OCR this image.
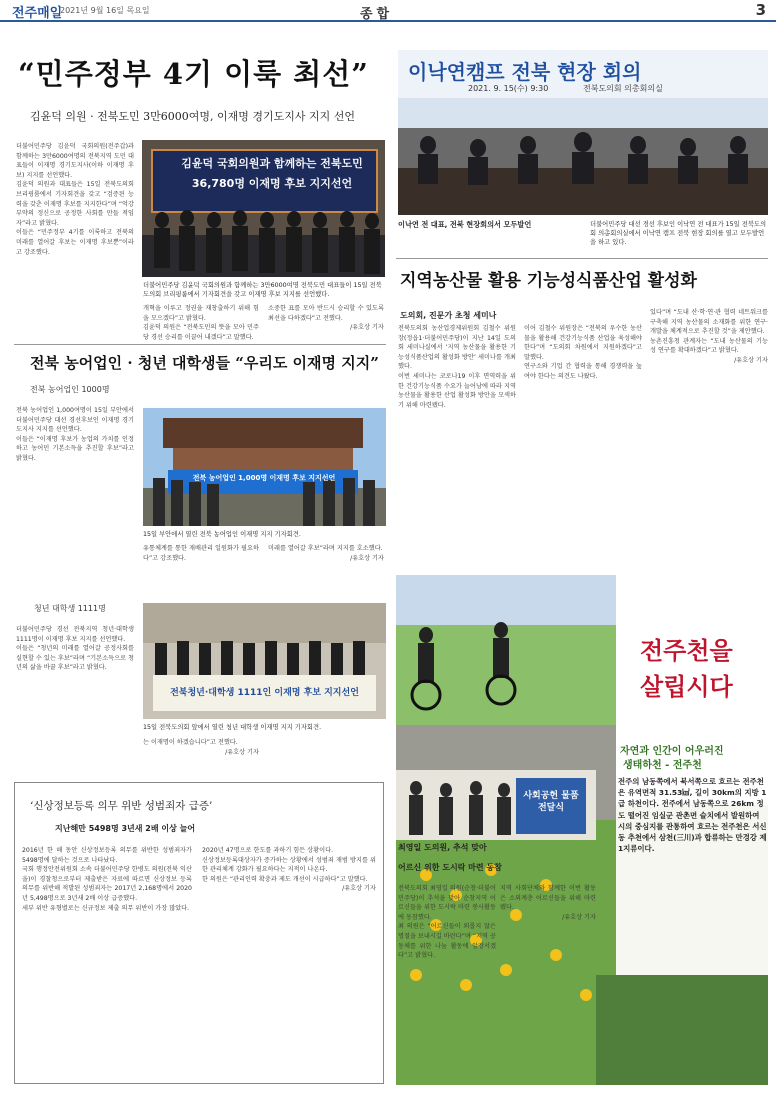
전주매일
2021년 9월 16일 목요일	종합	3
“민주정부 4기 이룩 최선”
김윤덕 의원 · 전북도민 3만6000여명, 이재명 경기도지사 지지 선언
더불어민주당 김윤덕 국회의원(전주갑)과 함께하는 3만6000여명의 전북지역 도민 대표들이 이재명 경기도지사(이하 이재명 후보) 지지를 선언했다.
김윤덕 의원과 대표들은 15일 전북도의회 브리핑룸에서 기자회견을 갖고 “검증된 능력을 갖춘 이재명 후보를 지지한다”며 “억강부약의 정신으로 공정한 사회를 만들 적임자”라고 밝혔다.
이들은 “민주정부 4기를 이룩하고 전북의 미래를 열어갈 후보는 이재명 후보뿐”이라고 강조했다.
김윤덕 국회의원과 함께하는 전북도민 36,780명 이재명 후보 지지선언
더불어민주당 김윤덕 국회의원과 함께하는 3만6000여명 전북도민 대표들이 15일 전북도의회 브리핑룸에서 기자회견을 갖고 이재명 후보 지지를 선언했다.
개혁을 이루고 정권을 재창출하기 위해 힘을 모으겠다”고 밝혔다.
김윤덕 의원은 “전북도민의 뜻을 모아 민주당 경선 승리를 이끌어 내겠다”고 말했다.
소중한 표를 모아 반드시 승리할 수 있도록 최선을 다하겠다”고 전했다.

/유호상 기자
전북 농어업인 · 청년 대학생들 “우리도 이재명 지지”
전북 농어업인 1000명
전북 농어업인 1,000여명이 15일 부안에서 더불어민주당 대선 경선후보인 이재명 경기도지사 지지를 선언했다.
이들은 “이재명 후보가 농업의 가치를 인정하고 농어민 기본소득을 추진할 후보”라고 밝혔다.
전북 농어업인 1,000명 이재명 후보 지지선언
15일 부안에서 열린 전북 농어업인 이재명 지지 기자회견.
유통체계를 통한 재배관리 일원화가 필요하다”고 강조했다.
미래를 열어갈 후보”라며 지지를 호소했다.

/유호상 기자
청년 대학생 1111명
더불어민주당 경선 전북지역 청년·대학생 1111명이 이재명 후보 지지를 선언했다.
이들은 “청년의 미래를 열어갈 공정사회를 실현할 수 있는 후보”라며 “기본소득으로 청년의 삶을 바꿀 후보”라고 밝혔다.
전북청년·대학생 1111인 이재명 후보 지지선언
15일 전북도의회 앞에서 열린 청년 대학생 이재명 지지 기자회견.
는 이재명이 하겠습니다”고 전했다.

/유호상 기자
이낙연캠프 전북 현장 회의
2021. 9. 15(수) 9:30	전북도의회 의총회의실
이낙연 전 대표, 전북 현장회의서 모두발언	더불어민주당 대선 경선 후보인 이낙연 전 대표가 15일 전북도의회 의총회의실에서 이낙연 캠프 전북 현장 회의를 열고 모두발언을 하고 있다.
지역농산물 활용 기능성식품산업 활성화
도의회, 진문가 초청 세미나
전북도의회 농산업경제위원회 김철수 위원장(정읍1·더불어민주당)이 지난 14일 도의회 세미나실에서 ‘지역 농산물을 활용한 기능성식품산업의 활성화 방안’ 세미나를 개최했다.
이번 세미나는 코로나19 이후 면역력을 위한 건강기능식품 수요가 늘어남에 따라 지역 농산물을 활용한 산업 활성화 방안을 모색하기 위해 마련됐다.
이어 김철수 위원장은 “전북의 우수한 농산물을 활용해 건강기능식품 산업을 육성해야 한다”며 “도의회 차원에서 지원하겠다”고 말했다.
연구소와 기업 간 협력을 통해 경쟁력을 높여야 한다는 의견도 나왔다.
있다”며 “도내 산·학·연·관 협력 네트워크를 구축해 지역 농산물의 소재화를 위한 연구·개발을 체계적으로 추진할 것”을 제안했다.
농촌진흥청 관계자는 “도내 농산물의 기능성 연구를 확대하겠다”고 밝혔다.

/유호상 기자
전주천을
살립시다
자연과 인간이 어우러진
생태하천 - 전주천
전주의 남동쪽에서 북서쪽으로 흐르는 전주천은 유역면적 31.53㎢, 길이 30km의 지방 1급 하천이다. 전주에서 남동쪽으로 26km 정도 떨어진 임실군 관촌면 슬치에서 발원하여 시의 중심지를 관통하여 흐르는 전주천은 서신동 추천에서 삼천(三川)과 합류하는 만경강 제1지류이다.
‘신상정보등록 의무 위반 성범죄자 급증’
지난해만 5498명 3년새 2배 이상 늘어
2016년 한 해 동안 신상정보등록 의무를 위반한 성범죄자가 5498명에 달하는 것으로 나타났다.
국회 행정안전위원회 소속 더불어민주당 한병도 의원(전북 익산을)이 경찰청으로부터 제출받은 자료에 따르면 신상정보 등록 의무를 위반해 적발된 성범죄자는 2017년 2,168명에서 2020년 5,498명으로 3년새 2배 이상 급증했다.
세부 위반 유형별로는 신규정보 제출 의무 위반이 가장 많았다.
2020년 47명으로 한도를 과하기 힘든 상황이다.
신상정보등록대상자가 증가하는 상황에서 성범죄 재범 방지를 위한 관리체계 강화가 필요하다는 지적이 나온다.
한 의원은 “관리인력 확충과 제도 개선이 시급하다”고 말했다.

/유호상 기자
사회공헌 물품 전달식
최영일 도의원, 추석 맞아
어르신 위한 도시락 마련 동참
전북도의회 최영일 의원(순창·더불어민주당)이 추석을 맞아 순창지역 어르신들을 위한 도시락 마련 봉사활동에 동참했다.
최 의원은 “어르신들이 외롭지 않은 명절을 보내시길 바란다”며 “지역 공동체를 위한 나눔 활동에 앞장서겠다”고 밝혔다.
지역 사회단체와 함께한 이번 활동은 소외계층 어르신들을 위해 마련됐다.

/유호상 기자
